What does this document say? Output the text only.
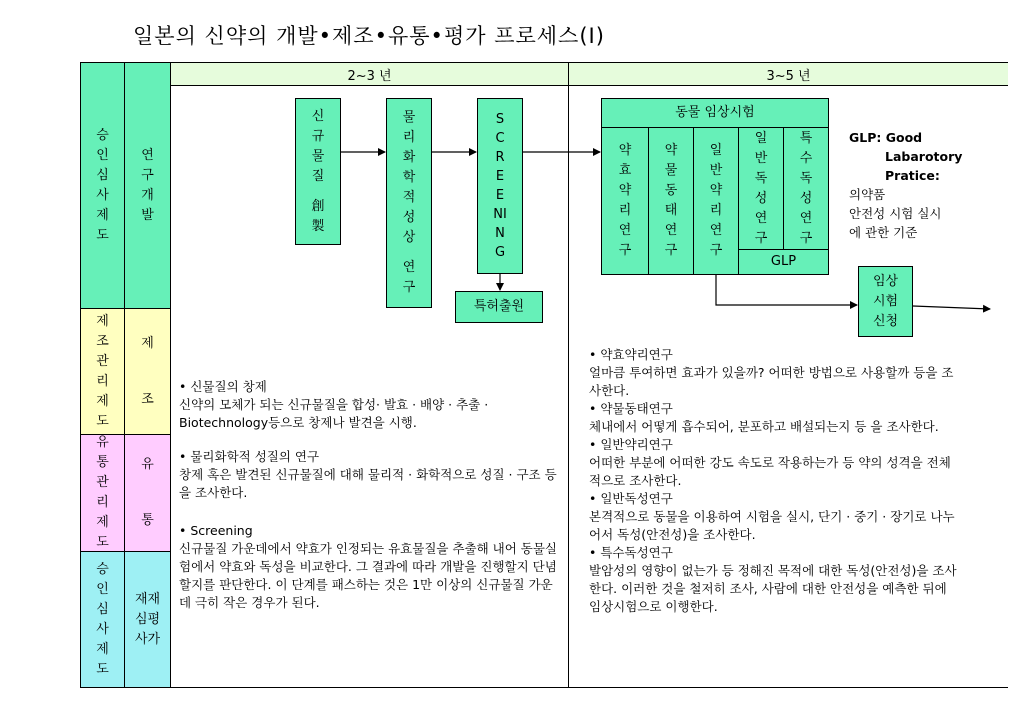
일본의 신약의 개발•제조•유통•평가 프로세스(Ⅰ)
승인심사제도
연구개발
제조관리제도
제조
유통관리제도
유통
승인심사제도
재재
심평
사가
2~3 년	3~5 년
신규물질
創製
물리화학적성상
연구
SCREENING
특허출원
동물 임상시험
약효약리연구
약물동태연구
일반약리연구
일반독성연구
특수독성연구
GLP
임상
시험
신청
GLP: Good
Labarotory
Pratice:
의약품
안전성 시험 실시
에 관한 기준
• 신물질의 창제
신약의 모체가 되는 신규물질을 합성· 발효 · 배양 · 추출 · Biotechnology등으로 창제나 발견을 시행.
• 물리화학적 성질의 연구
창제 혹은 발견된 신규물질에 대해 물리적 · 화학적으로 성질 · 구조 등을 조사한다.
• Screening
신규물질 가운데에서 약효가 인정되는 유효물질을 추출해 내어 동물실험에서 약효와 독성을 비교한다. 그 결과에 따라 개발을 진행할지 단념할지를 판단한다. 이 단계를 패스하는 것은 1만 이상의 신규물질 가운데 극히 작은 경우가 된다.
• 약효약리연구
얼마큼 투여하면 효과가 있을까? 어떠한 방법으로 사용할까 등을 조사한다.
• 약물동태연구
체내에서 어떻게 흡수되어, 분포하고 배설되는지 등 을 조사한다.
• 일반약리연구
어떠한 부분에 어떠한 강도 속도로 작용하는가 등 약의 성격을 전체적으로 조사한다.
• 일반독성연구
본격적으로 동물을 이용하여 시험을 실시, 단기 · 중기 · 장기로 나누어서 독성(안전성)을 조사한다.
• 특수독성연구
발암성의 영향이 없는가 등 정해진 목적에 대한 독성(안전성)을 조사한다. 이러한 것을 철저히 조사, 사람에 대한 안전성을 예측한 뒤에 임상시험으로 이행한다.
